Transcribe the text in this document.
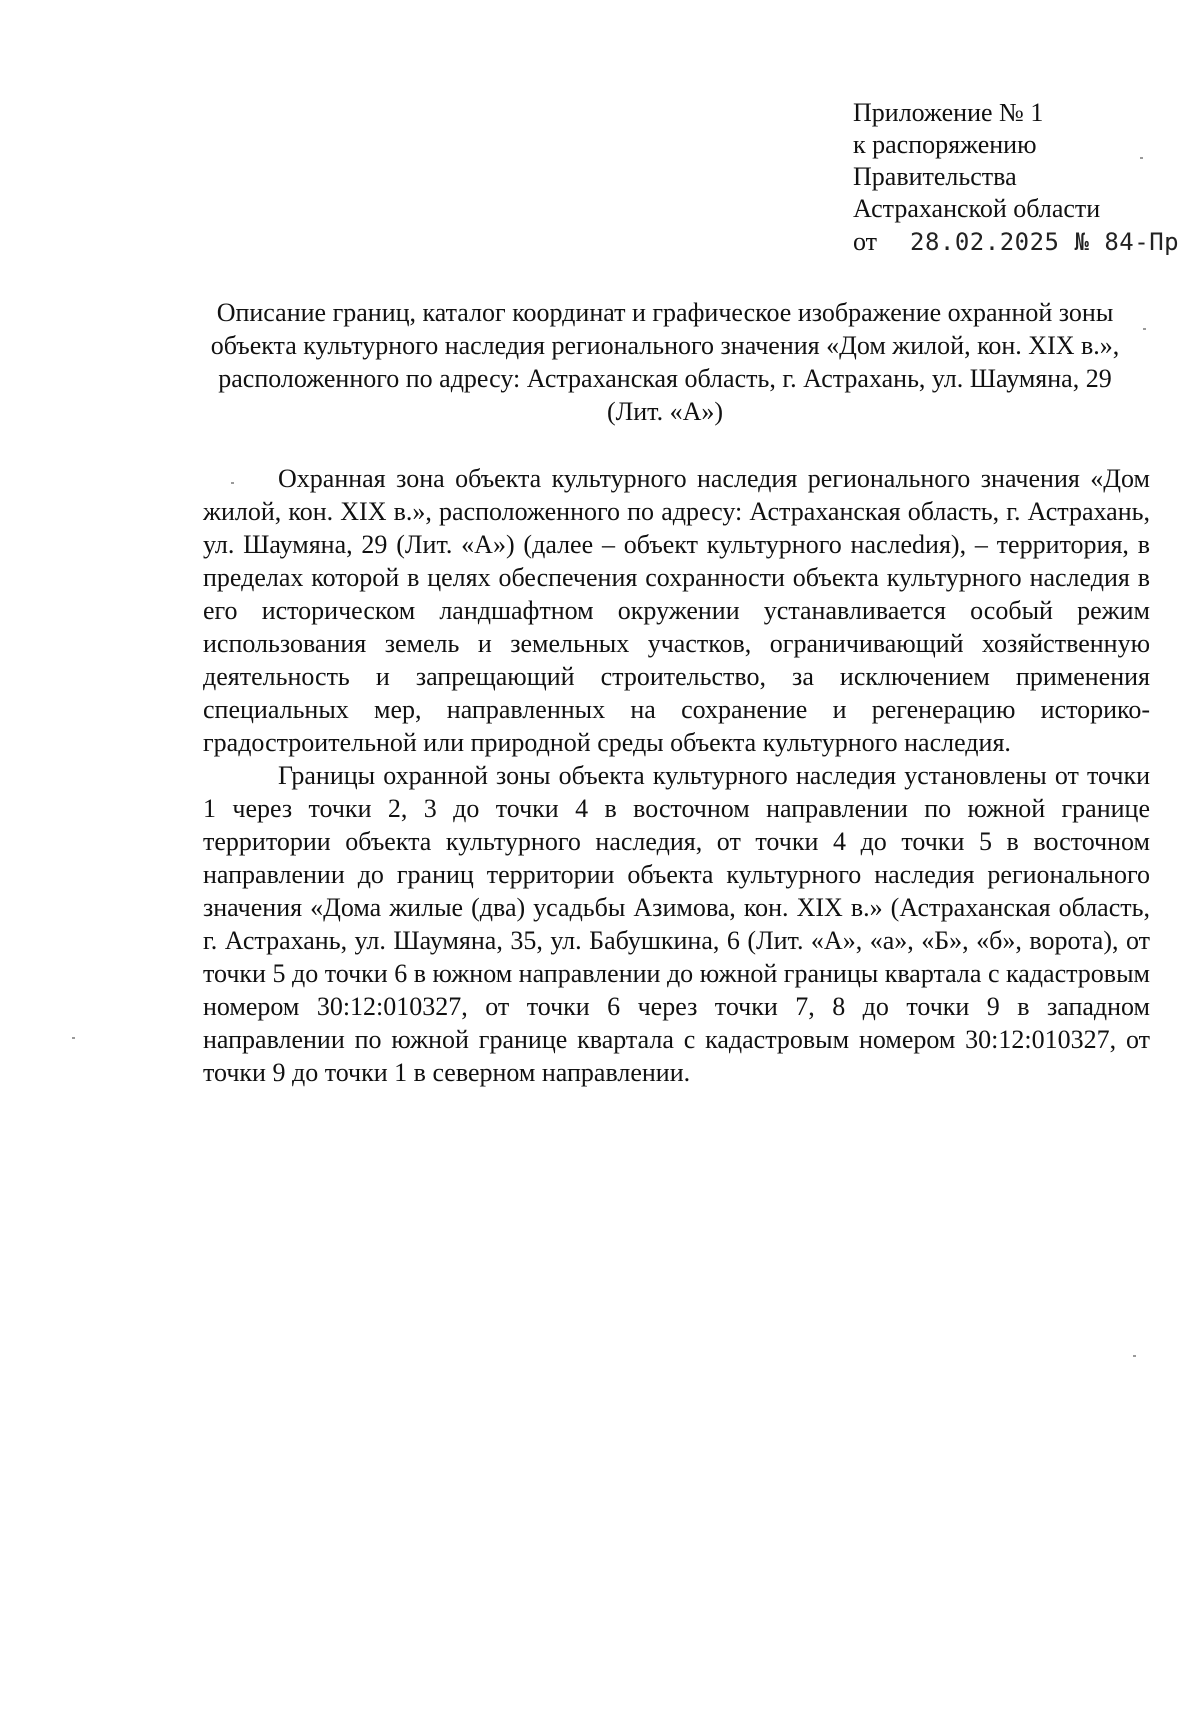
Приложение № 1
к распоряжению
Правительства
Астраханской области
от 28.02.2025 № 84-Пр
Описание границ, каталог координат и графическое изображение охранной зоны объекта культурного наследия регионального значения «Дом жилой, кон. XIX в.», расположенного по адресу: Астраханская область, г. Астрахань, ул. Шаумяна, 29 (Лит. «А»)

Охранная зона объекта культурного наследия регионального значения «Дом жилой, кон. XIX в.», расположенного по адресу: Астраханская область, г. Астрахань, ул. Шаумяна, 29 (Лит. «А») (далее – объект культурного наслеdия), – территория, в пределах которой в целях обеспечения сохранности объекта культурного наследия в его историческом ландшафтном окружении устанавливается особый режим использования земель и земельных участков, ограничивающий хозяйственную деятельность и запрещающий строительство, за исключением применения специальных мер, направленных на сохранение и регенерацию историко-градостроительной или природной среды объекта культурного наследия.

Границы охранной зоны объекта культурного наследия установлены от точки 1 через точки 2, 3 до точки 4 в восточном направлении по южной границе территории объекта культурного наследия, от точки 4 до точки 5 в восточном направлении до границ территории объекта культурного наследия регионального значения «Дома жилые (два) усадьбы Азимова, кон. XIX в.» (Астраханская область, г. Астрахань, ул. Шаумяна, 35, ул. Бабушкина, 6 (Лит. «А», «а», «Б», «б», ворота), от точки 5 до точки 6 в южном направлении до южной границы квартала с кадастровым номером 30:12:010327, от точки 6 через точки 7, 8 до точки 9 в западном направлении по южной границе квартала с кадастровым номером 30:12:010327, от точки 9 до точки 1 в северном направлении.
